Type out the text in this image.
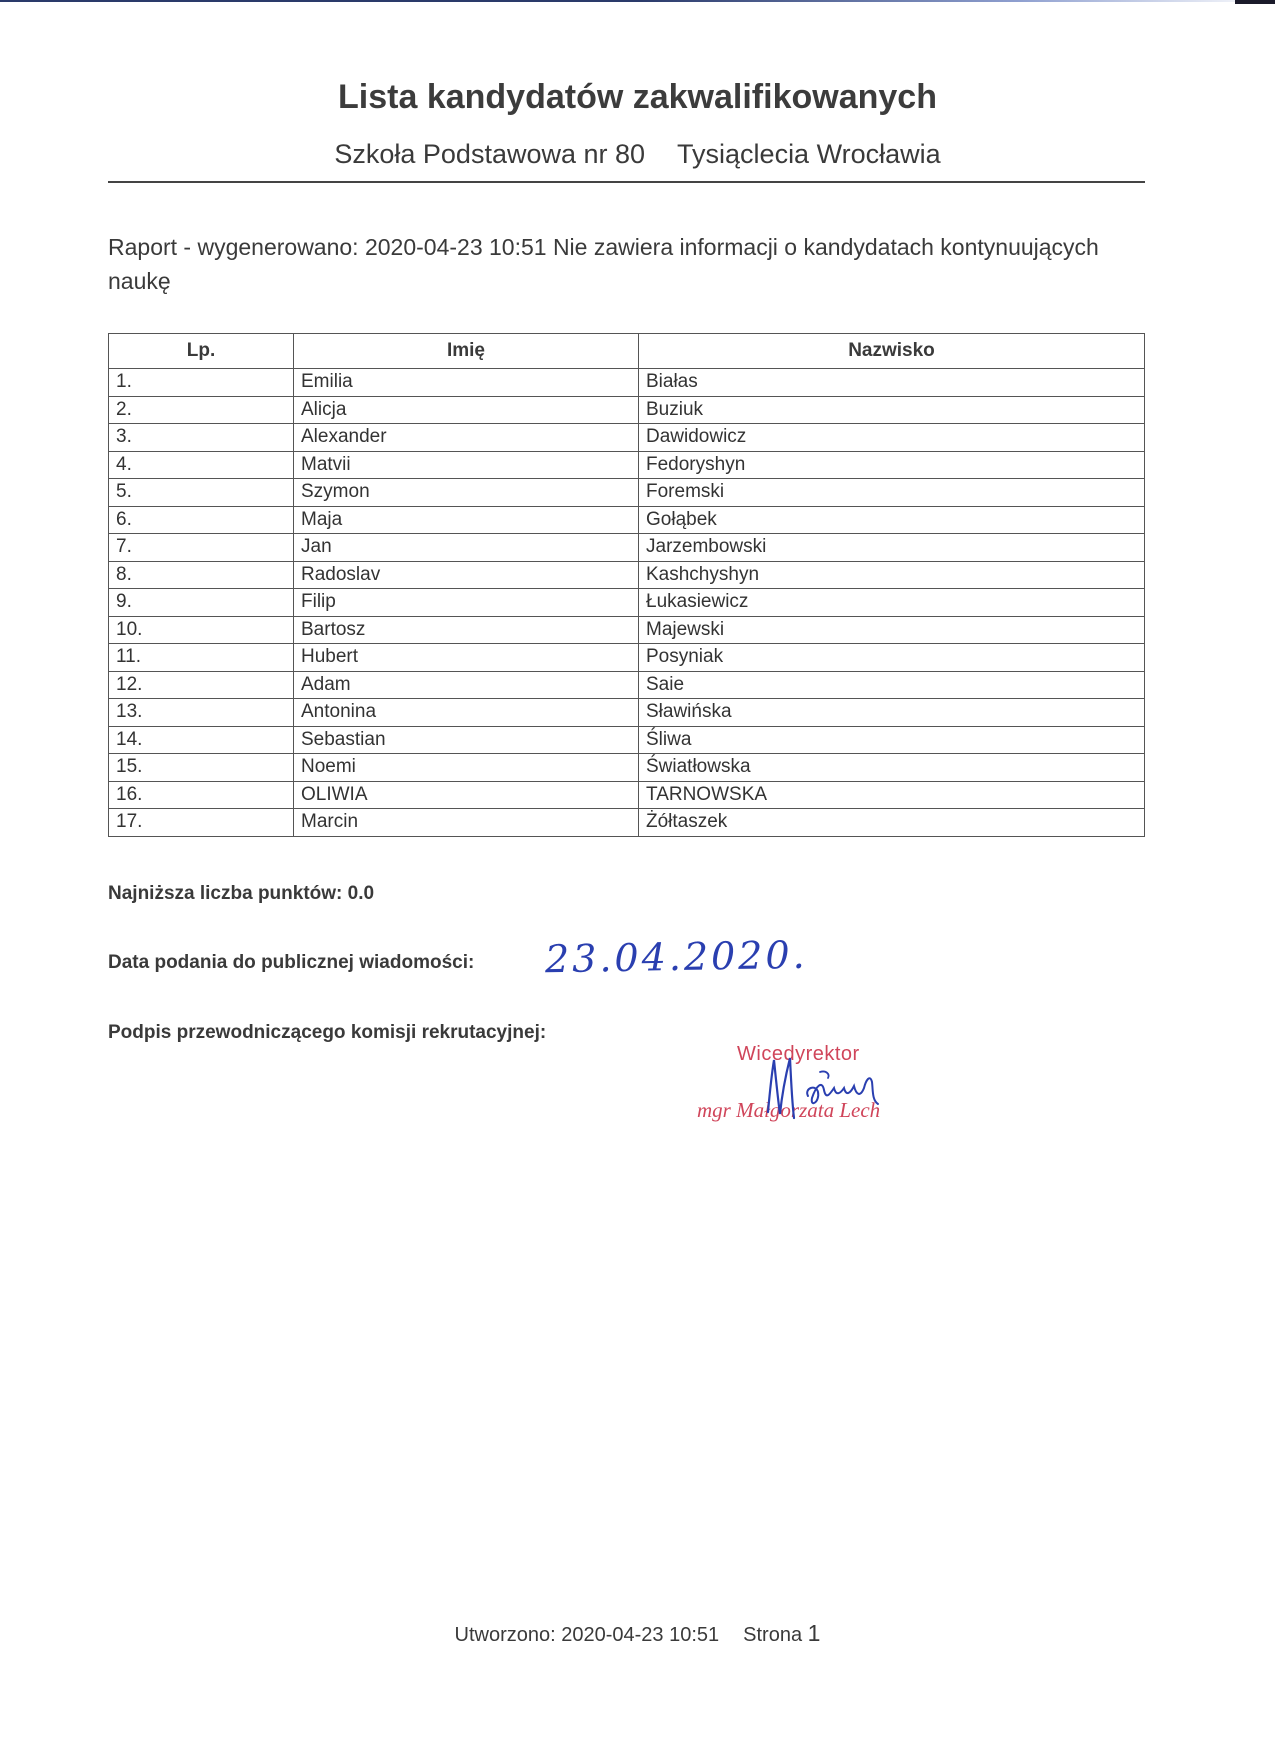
Lista kandydatów zakwalifikowanych
Szkoła Podstawowa nr 80 Tysiąclecia Wrocławia
Raport - wygenerowano: 2020-04-23 10:51 Nie zawiera informacji o kandydatach kontynuujących naukę
Lp.	Imię	Nazwisko
1.	Emilia	Białas
2.	Alicja	Buziuk
3.	Alexander	Dawidowicz
4.	Matvii	Fedoryshyn
5.	Szymon	Foremski
6.	Maja	Gołąbek
7.	Jan	Jarzembowski
8.	Radoslav	Kashchyshyn
9.	Filip	Łukasiewicz
10.	Bartosz	Majewski
11.	Hubert	Posyniak
12.	Adam	Saie
13.	Antonina	Sławińska
14.	Sebastian	Śliwa
15.	Noemi	Światłowska
16.	OLIWIA	TARNOWSKA
17.	Marcin	Żółtaszek
Najniższa liczba punktów: 0.0
Data podania do publicznej wiadomości: 23.04.2020.
Podpis przewodniczącego komisji rekrutacyjnej:
Wicedyrektor
mgr Małgorzata Lech
Utworzono: 2020-04-23 10:51 Strona 1
